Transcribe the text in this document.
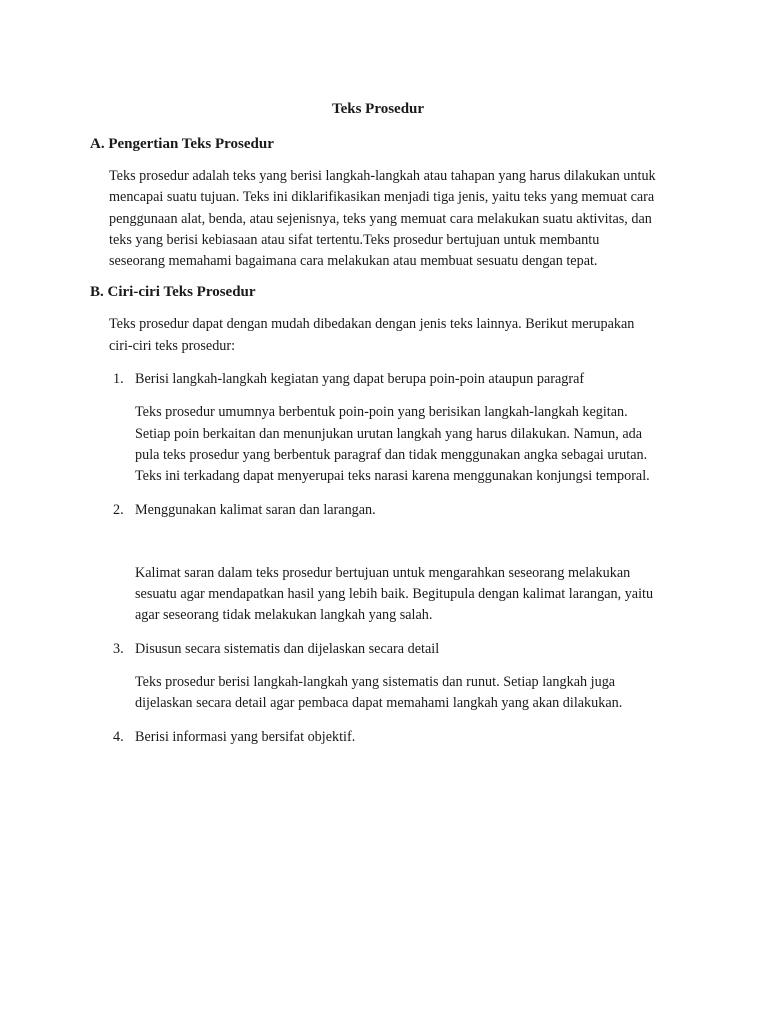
Teks Prosedur
A. Pengertian Teks Prosedur
Teks prosedur adalah teks yang berisi langkah-langkah atau tahapan yang harus dilakukan untuk mencapai suatu tujuan. Teks ini diklarifikasikan menjadi tiga jenis, yaitu teks yang memuat cara penggunaan alat, benda, atau sejenisnya, teks yang memuat cara melakukan suatu aktivitas, dan teks yang berisi kebiasaan atau sifat tertentu.Teks prosedur bertujuan untuk membantu seseorang memahami bagaimana cara melakukan atau membuat sesuatu dengan tepat.
B. Ciri-ciri Teks Prosedur
Teks prosedur dapat dengan mudah dibedakan dengan jenis teks lainnya. Berikut merupakan ciri-ciri teks prosedur:
1. Berisi langkah-langkah kegiatan yang dapat berupa poin-poin ataupun paragraf
Teks prosedur umumnya berbentuk poin-poin yang berisikan langkah-langkah kegitan. Setiap poin berkaitan dan menunjukan urutan langkah yang harus dilakukan. Namun, ada pula teks prosedur yang berbentuk paragraf dan tidak menggunakan angka sebagai urutan. Teks ini terkadang dapat menyerupai teks narasi karena menggunakan konjungsi temporal.
2. Menggunakan kalimat saran dan larangan.
Kalimat saran dalam teks prosedur bertujuan untuk mengarahkan seseorang melakukan sesuatu agar mendapatkan hasil yang lebih baik. Begitupula dengan kalimat larangan, yaitu agar seseorang tidak melakukan langkah yang salah.
3. Disusun secara sistematis dan dijelaskan secara detail
Teks prosedur berisi langkah-langkah yang sistematis dan runut. Setiap langkah juga dijelaskan secara detail agar pembaca dapat memahami langkah yang akan dilakukan.
4. Berisi informasi yang bersifat objektif.
